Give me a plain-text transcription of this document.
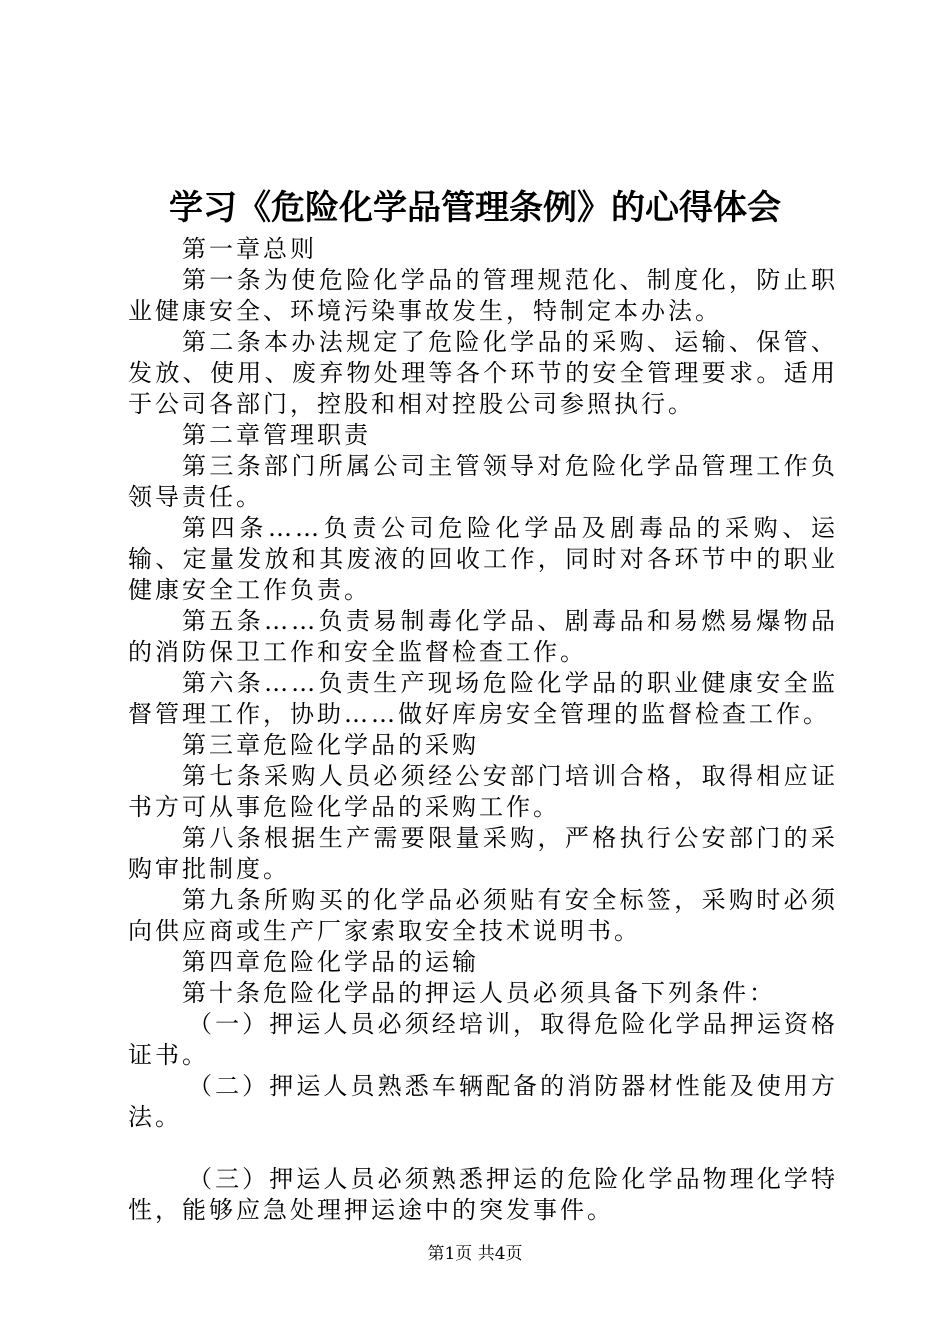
学习《危险化学品管理条例》的心得体会

第一章总则

第一条为使危险化学品的管理规范化、制度化，防止职业健康安全、环境污染事故发生，特制定本办法。

第二条本办法规定了危险化学品的采购、运输、保管、发放、使用、废弃物处理等各个环节的安全管理要求。适用于公司各部门，控股和相对控股公司参照执行。

第二章管理职责

第三条部门所属公司主管领导对危险化学品管理工作负领导责任。

第四条……负责公司危险化学品及剧毒品的采购、运输、定量发放和其废液的回收工作，同时对各环节中的职业健康安全工作负责。

第五条……负责易制毒化学品、剧毒品和易燃易爆物品的消防保卫工作和安全监督检查工作。

第六条……负责生产现场危险化学品的职业健康安全监督管理工作，协助……做好库房安全管理的监督检查工作。

第三章危险化学品的采购

第七条采购人员必须经公安部门培训合格，取得相应证书方可从事危险化学品的采购工作。

第八条根据生产需要限量采购，严格执行公安部门的采购审批制度。

第九条所购买的化学品必须贴有安全标签，采购时必须向供应商或生产厂家索取安全技术说明书。

第四章危险化学品的运输

第十条危险化学品的押运人员必须具备下列条件：

（一）押运人员必须经培训，取得危险化学品押运资格证书。

（二）押运人员熟悉车辆配备的消防器材性能及使用方法。

（三）押运人员必须熟悉押运的危险化学品物理化学特性，能够应急处理押运途中的突发事件。

第1页 共4页
